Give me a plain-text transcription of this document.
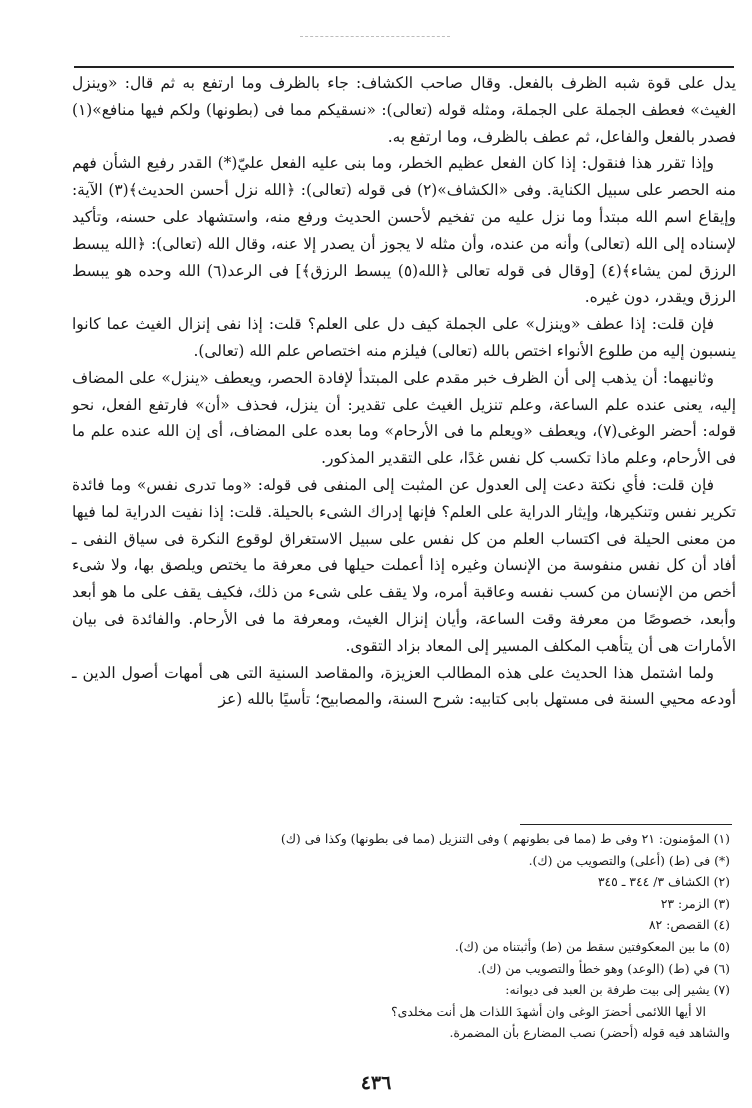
يدل على قوة شبه الظرف بالفعل. وقال صاحب الكشاف: جاء بالظرف وما ارتفع به ثم قال: «وينزل الغيث» فعطف الجملة على الجملة، ومثله قوله (تعالى): «نسقيكم مما فى (بطونها) ولكم فيها منافع»(١) فصدر بالفعل والفاعل، ثم عطف بالظرف، وما ارتفع به.

وإذا تقرر هذا فنقول: إذا كان الفعل عظيم الخطر، وما بنى عليه الفعل عليّ(*) القدر رفيع الشأن فهم منه الحصر على سبيل الكناية. وفى «الكشاف»(٢) فى قوله (تعالى): ﴿الله نزل أحسن الحديث﴾(٣) الآية: وإيقاع اسم الله مبتدأ وما نزل عليه من تفخيم لأحسن الحديث ورفع منه، واستشهاد على حسنه، وتأكيد لإسناده إلى الله (تعالى) وأنه من عنده، وأن مثله لا يجوز أن يصدر إلا عنه، وقال الله (تعالى): ﴿الله يبسط الرزق لمن يشاء﴾(٤) [وقال فى قوله تعالى ﴿الله(٥) يبسط الرزق﴾] فى الرعد(٦) الله وحده هو يبسط الرزق ويقدر، دون غيره.

فإن قلت: إذا عطف «وينزل» على الجملة كيف دل على العلم؟ قلت: إذا نفى إنزال الغيث عما كانوا ينسبون إليه من طلوع الأنواء اختص بالله (تعالى) فيلزم منه اختصاص علم الله (تعالى).

وثانيهما: أن يذهب إلى أن الظرف خبر مقدم على المبتدأ لإفادة الحصر، ويعطف «ينزل» على المضاف إليه، يعنى عنده علم الساعة، وعلم تنزيل الغيث على تقدير: أن ينزل، فحذف «أن» فارتفع الفعل، نحو قوله: أحضر الوغى(٧)، ويعطف «ويعلم ما فى الأرحام» وما بعده على المضاف، أى إن الله عنده علم ما فى الأرحام، وعلم ماذا تكسب كل نفس غدًا، على التقدير المذكور.

فإن قلت: فأي نكتة دعت إلى العدول عن المثبت إلى المنفى فى قوله: «وما تدرى نفس» وما فائدة تكرير نفس وتنكيرها، وإيثار الدراية على العلم؟ فإنها إدراك الشىء بالحيلة. قلت: إذا نفيت الدراية لما فيها من معنى الحيلة فى اكتساب العلم من كل نفس على سبيل الاستغراق لوقوع النكرة فى سياق النفى ـ أفاد أن كل نفس منفوسة من الإنسان وغيره إذا أعملت حيلها فى معرفة ما يختص ويلصق بها، ولا شىء أخص من الإنسان من كسب نفسه وعاقبة أمره، ولا يقف على شىء من ذلك، فكيف يقف على ما هو أبعد وأبعد، خصوصًا من معرفة وقت الساعة، وأيان إنزال الغيث، ومعرفة ما فى الأرحام. والفائدة فى بيان الأمارات هى أن يتأهب المكلف المسير إلى المعاد بزاد التقوى.

ولما اشتمل هذا الحديث على هذه المطالب العزيزة، والمقاصد السنية التى هى أمهات أصول الدين ـ أودعه محيي السنة فى مستهل بابى كتابيه: شرح السنة، والمصابيح؛ تأسيًا بالله (عز

(١) المؤمنون: ٢١ وفى ط (مما فى بطونهم ) وفى التنزيل (مما فى بطونها) وكذا فى (ك)
(*) فى (ط) (أعلى) والتصويب من (ك).
(٢) الكشاف ٣/ ٣٤٤ ـ ٣٤٥
(٣) الزمر: ٢٣
(٤) القصص: ٨٢
(٥) ما بين المعكوفتين سقط من (ط) وأثبتناه من (ك).
(٦) في (ط) (الوعد) وهو خطأ والتصويب من (ك).
(٧) يشير إلى بيت طرفة بن العبد فى ديوانه:
الا أيها اللائمى أحضرَ الوغى وان أشهدَ اللذات هل أنت مخلدى؟
والشاهد فيه قوله (أحضر) نصب المضارع بأن المضمرة.
٤٣٦
